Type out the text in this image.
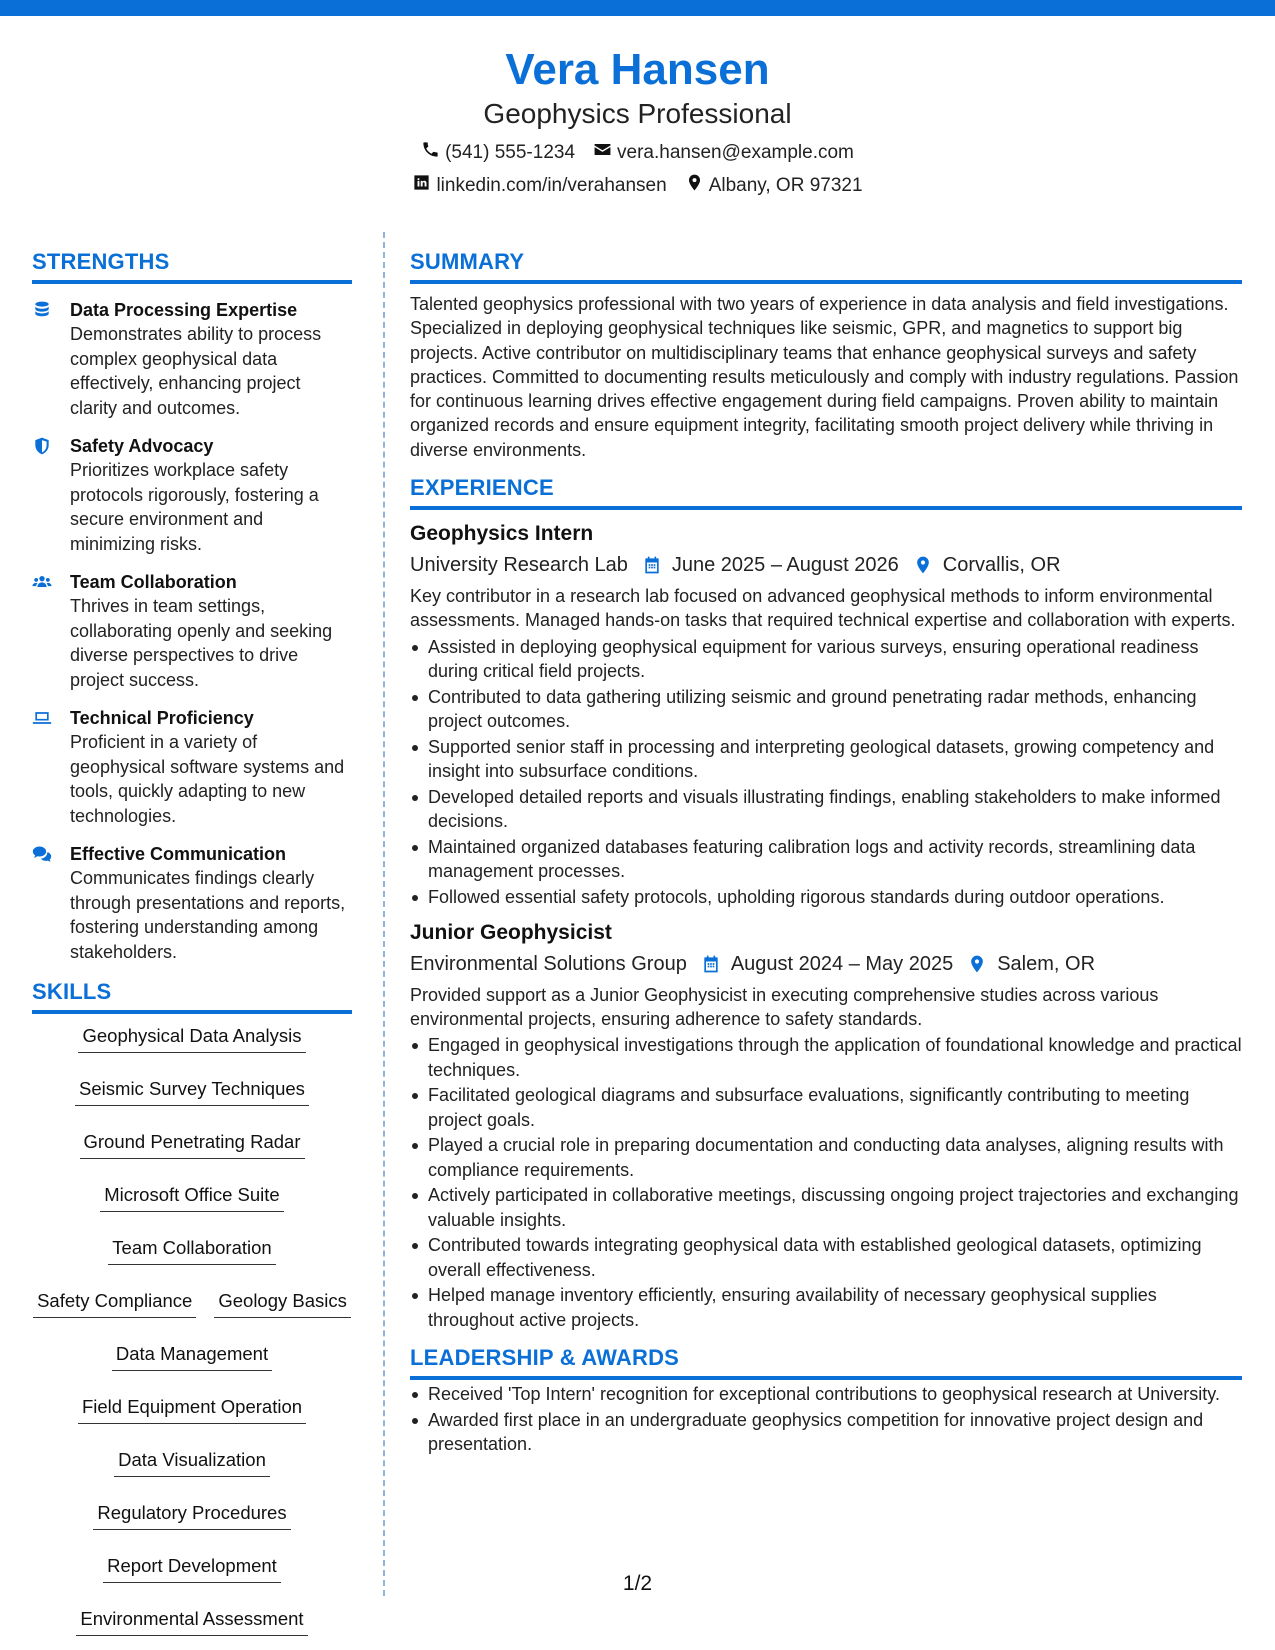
Vera Hansen
Geophysics Professional
(541) 555-1234 vera.hansen@example.com
linkedin.com/in/verahansen Albany, OR 97321
STRENGTHS
Data Processing Expertise
Demonstrates ability to process complex geophysical data effectively, enhancing project clarity and outcomes.
Safety Advocacy
Prioritizes workplace safety protocols rigorously, fostering a secure environment and minimizing risks.
Team Collaboration
Thrives in team settings, collaborating openly and seeking diverse perspectives to drive project success.
Technical Proficiency
Proficient in a variety of geophysical software systems and tools, quickly adapting to new technologies.
Effective Communication
Communicates findings clearly through presentations and reports, fostering understanding among stakeholders.
SKILLS
Geophysical Data Analysis
Seismic Survey Techniques
Ground Penetrating Radar
Microsoft Office Suite
Team Collaboration
Safety Compliance Geology Basics
Data Management
Field Equipment Operation
Data Visualization
Regulatory Procedures
Report Development
Environmental Assessment
SUMMARY
Talented geophysics professional with two years of experience in data analysis and field investigations. Specialized in deploying geophysical techniques like seismic, GPR, and magnetics to support big projects. Active contributor on multidisciplinary teams that enhance geophysical surveys and safety practices. Committed to documenting results meticulously and comply with industry regulations. Passion for continuous learning drives effective engagement during field campaigns. Proven ability to maintain organized records and ensure equipment integrity, facilitating smooth project delivery while thriving in diverse environments.
EXPERIENCE
Geophysics Intern
University Research Lab June 2025 – August 2026 Corvallis, OR
Key contributor in a research lab focused on advanced geophysical methods to inform environmental assessments. Managed hands-on tasks that required technical expertise and collaboration with experts.
Assisted in deploying geophysical equipment for various surveys, ensuring operational readiness during critical field projects.
Contributed to data gathering utilizing seismic and ground penetrating radar methods, enhancing project outcomes.
Supported senior staff in processing and interpreting geological datasets, growing competency and insight into subsurface conditions.
Developed detailed reports and visuals illustrating findings, enabling stakeholders to make informed decisions.
Maintained organized databases featuring calibration logs and activity records, streamlining data management processes.
Followed essential safety protocols, upholding rigorous standards during outdoor operations.
Junior Geophysicist
Environmental Solutions Group August 2024 – May 2025 Salem, OR
Provided support as a Junior Geophysicist in executing comprehensive studies across various environmental projects, ensuring adherence to safety standards.
Engaged in geophysical investigations through the application of foundational knowledge and practical techniques.
Facilitated geological diagrams and subsurface evaluations, significantly contributing to meeting project goals.
Played a crucial role in preparing documentation and conducting data analyses, aligning results with compliance requirements.
Actively participated in collaborative meetings, discussing ongoing project trajectories and exchanging valuable insights.
Contributed towards integrating geophysical data with established geological datasets, optimizing overall effectiveness.
Helped manage inventory efficiently, ensuring availability of necessary geophysical supplies throughout active projects.
LEADERSHIP & AWARDS
Received 'Top Intern' recognition for exceptional contributions to geophysical research at University.
Awarded first place in an undergraduate geophysics competition for innovative project design and presentation.
1/2
